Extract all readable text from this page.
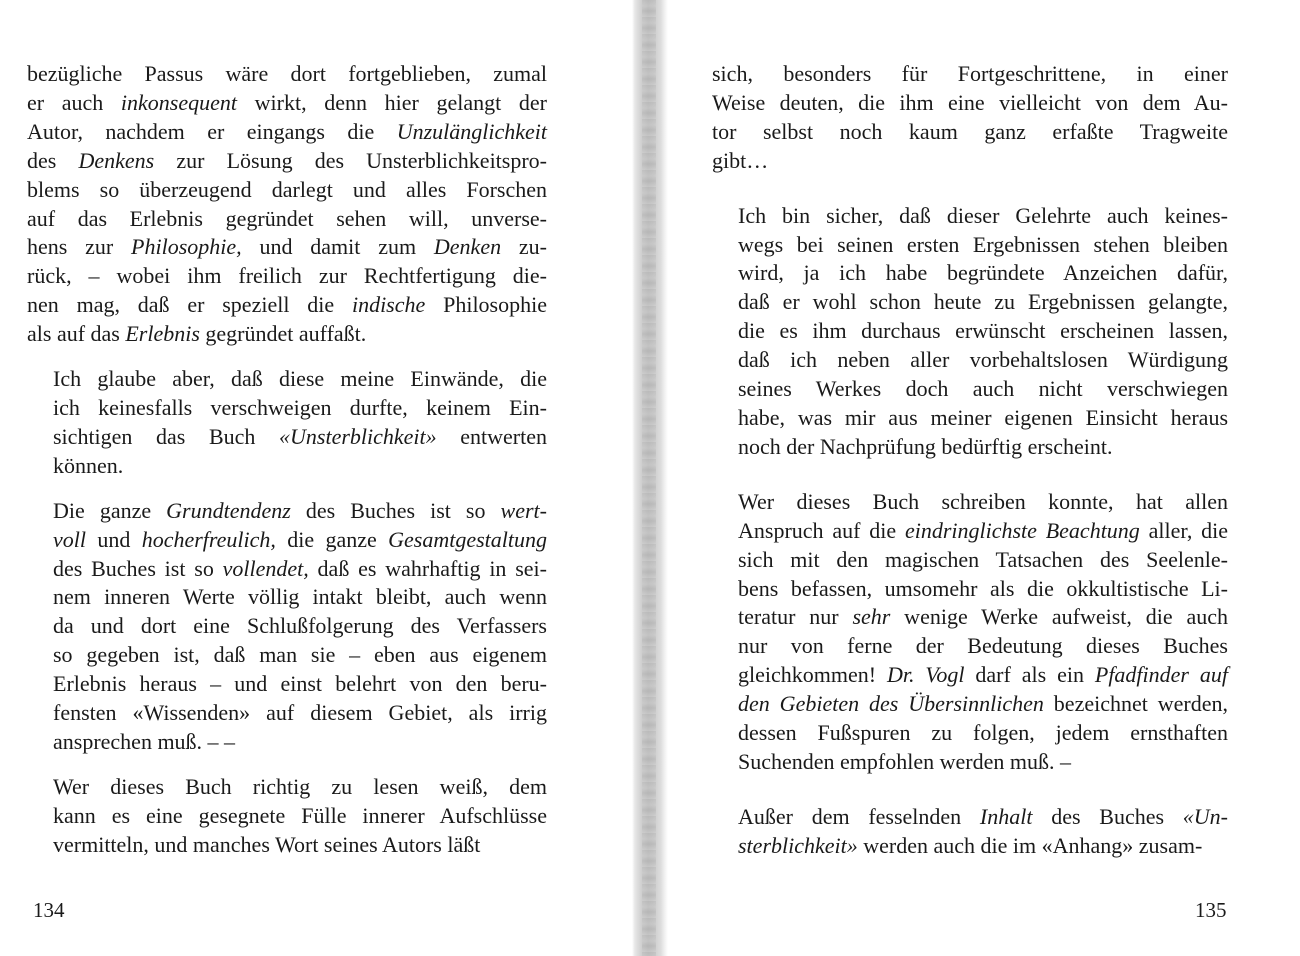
bezügliche Passus wäre dort fortgeblieben, zumal
er auch inkonsequent wirkt, denn hier gelangt der
Autor, nachdem er eingangs die Unzulänglichkeit
des Denkens zur Lösung des Unsterblichkeitspro-
blems so überzeugend darlegt und alles Forschen
auf das Erlebnis gegründet sehen will, unverse-
hens zur Philosophie, und damit zum Denken zu-
rück, – wobei ihm freilich zur Rechtfertigung die-
nen mag, daß er speziell die indische Philosophie
als auf das Erlebnis gegründet auffaßt.
Ich glaube aber, daß diese meine Einwände, die
ich keinesfalls verschweigen durfte, keinem Ein-
sichtigen das Buch «Unsterblichkeit» entwerten
können.
Die ganze Grundtendenz des Buches ist so wert-
voll und hocherfreulich, die ganze Gesamtgestaltung
des Buches ist so vollendet, daß es wahrhaftig in sei-
nem inneren Werte völlig intakt bleibt, auch wenn
da und dort eine Schlußfolgerung des Verfassers
so gegeben ist, daß man sie – eben aus eigenem
Erlebnis heraus – und einst belehrt von den beru-
fensten «Wissenden» auf diesem Gebiet, als irrig
ansprechen muß. – –
Wer dieses Buch richtig zu lesen weiß, dem
kann es eine gesegnete Fülle innerer Aufschlüsse
vermitteln, und manches Wort seines Autors läßt
134
sich, besonders für Fortgeschrittene, in einer
Weise deuten, die ihm eine vielleicht von dem Au-
tor selbst noch kaum ganz erfaßte Tragweite
gibt…
Ich bin sicher, daß dieser Gelehrte auch keines-
wegs bei seinen ersten Ergebnissen stehen bleiben
wird, ja ich habe begründete Anzeichen dafür,
daß er wohl schon heute zu Ergebnissen gelangte,
die es ihm durchaus erwünscht erscheinen lassen,
daß ich neben aller vorbehaltslosen Würdigung
seines Werkes doch auch nicht verschwiegen
habe, was mir aus meiner eigenen Einsicht heraus
noch der Nachprüfung bedürftig erscheint.
Wer dieses Buch schreiben konnte, hat allen
Anspruch auf die eindringlichste Beachtung aller, die
sich mit den magischen Tatsachen des Seelenle-
bens befassen, umsomehr als die okkultistische Li-
teratur nur sehr wenige Werke aufweist, die auch
nur von ferne der Bedeutung dieses Buches
gleichkommen! Dr. Vogl darf als ein Pfadfinder auf
den Gebieten des Übersinnlichen bezeichnet werden,
dessen Fußspuren zu folgen, jedem ernsthaften
Suchenden empfohlen werden muß. –
Außer dem fesselnden Inhalt des Buches «Un-
sterblichkeit» werden auch die im «Anhang» zusam-
135
